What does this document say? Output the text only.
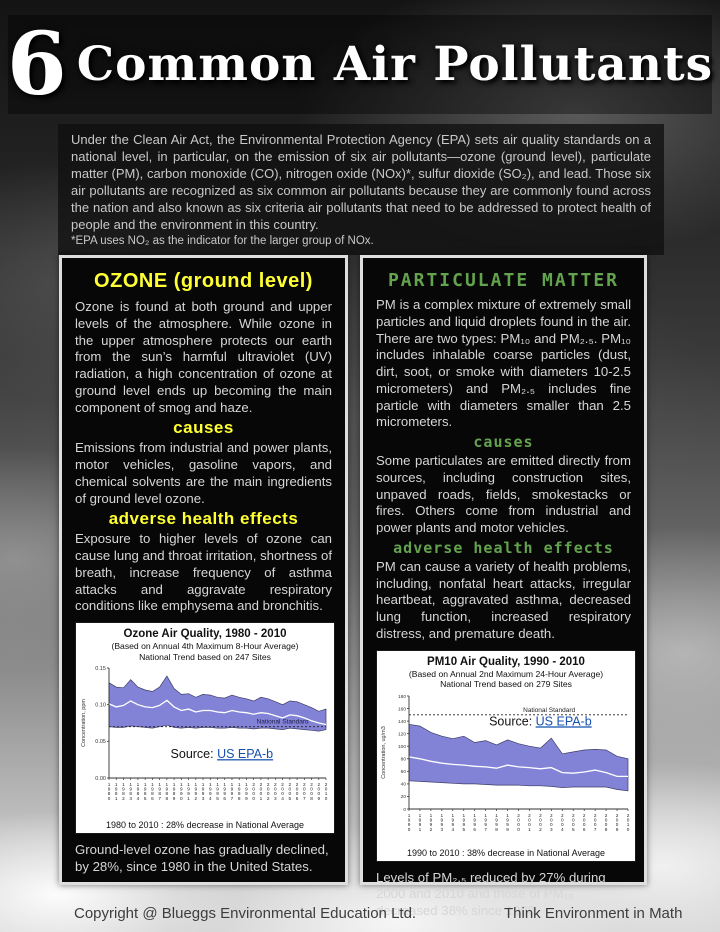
6 Common Air Pollutants
Under the Clean Air Act, the Environmental Protection Agency (EPA) sets air quality standards on a national level, in particular, on the emission of six air pollutants—ozone (ground level), particulate matter (PM), carbon monoxide (CO), nitrogen oxide (NOx)*, sulfur dioxide (SO₂), and lead. Those six air pollutants are recognized as six common air pollutants because they are commonly found across the nation and also known as six criteria air pollutants that need to be addressed to protect health of people and the environment in this country.
*EPA uses NO₂ as the indicator for the larger group of NOx.
OZONE (ground level)

Ozone is found at both ground and upper levels of the atmosphere. While ozone in the upper atmosphere protects our earth from the sun’s harmful ultraviolet (UV) radiation, a high concentration of ozone at ground level ends up becoming the main component of smog and haze.

causes

Emissions from industrial and power plants, motor vehicles, gasoline vapors, and chemical solvents are the main ingredients of ground level ozone.

adverse health effects

Exposure to higher levels of ozone can cause lung and throat irritation, shortness of breath, increase frequency of asthma attacks and aggravate respiratory conditions like emphysema and bronchitis.

Ozone Air Quality, 1980 - 2010
(Based on Annual 4th Maximum 8-Hour Average)
National Trend based on 247 Sites
National Standard
0.00
0.05
0.10
0.15
Concentration, ppm
1 9 8 0
1 9 8 1
1 9 8 2
1 9 8 3
1 9 8 4
1 9 8 5
1 9 8 6
1 9 8 7
1 9 8 8
1 9 8 9
1 9 9 0
1 9 9 1
1 9 9 2
1 9 9 3
1 9 9 4
1 9 9 5
1 9 9 6
1 9 9 7
1 9 9 8
1 9 9 9
2 0 0 0
2 0 0 1
2 0 0 2
2 0 0 3
2 0 0 4
2 0 0 5
2 0 0 6
2 0 0 7
2 0 0 8
2 0 0 9
2 0 1 0
Source: US EPA-b
1980 to 2010 : 28% decrease in National Average

Ground-level ozone has gradually declined, by 28%, since 1980 in the United States.

PARTICULATE MATTER

PM is a complex mixture of extremely small particles and liquid droplets found in the air. There are two types: PM₁₀ and PM₂.₅. PM₁₀ includes inhalable coarse particles (dust, dirt, soot, or smoke with diameters 10-2.5 micrometers) and PM₂.₅ includes fine particle with diameters smaller than 2.5 micrometers.

causes

Some particulates are emitted directly from sources, including construction sites, unpaved roads, fields, smokestacks or fires. Others come from industrial and power plants and motor vehicles.

adverse health effects

PM can cause a variety of health problems, including, nonfatal heart attacks, irregular heartbeat, aggravated asthma, decreased lung function, increased respiratory distress, and premature death.

PM10 Air Quality, 1990 - 2010
(Based on Annual 2nd Maximum 24-Hour Average)
National Trend based on 279 Sites
National Standard
0
20
40
60
80
100
120
140
160
180
Concentration, ug/m3
1 9 9 0
1 9 9 1
1 9 9 2
1 9 9 3
1 9 9 4
1 9 9 5
1 9 9 6
1 9 9 7
1 9 9 8
1 9 9 9
2 0 0 0
2 0 0 1
2 0 0 2
2 0 0 3
2 0 0 4
2 0 0 5
2 0 0 6
2 0 0 7
2 0 0 8
2 0 0 9
2 0 1 0
Source: US EPA-b
1990 to 2010 : 38% decrease in National Average

Levels of PM₂.₅ reduced by 27% during 2000 and 2010 and those of PM₁₀ decreased 38% since 1990.

Copyright @ Blueggs Environmental Education Ltd.	Think Environment in Math
